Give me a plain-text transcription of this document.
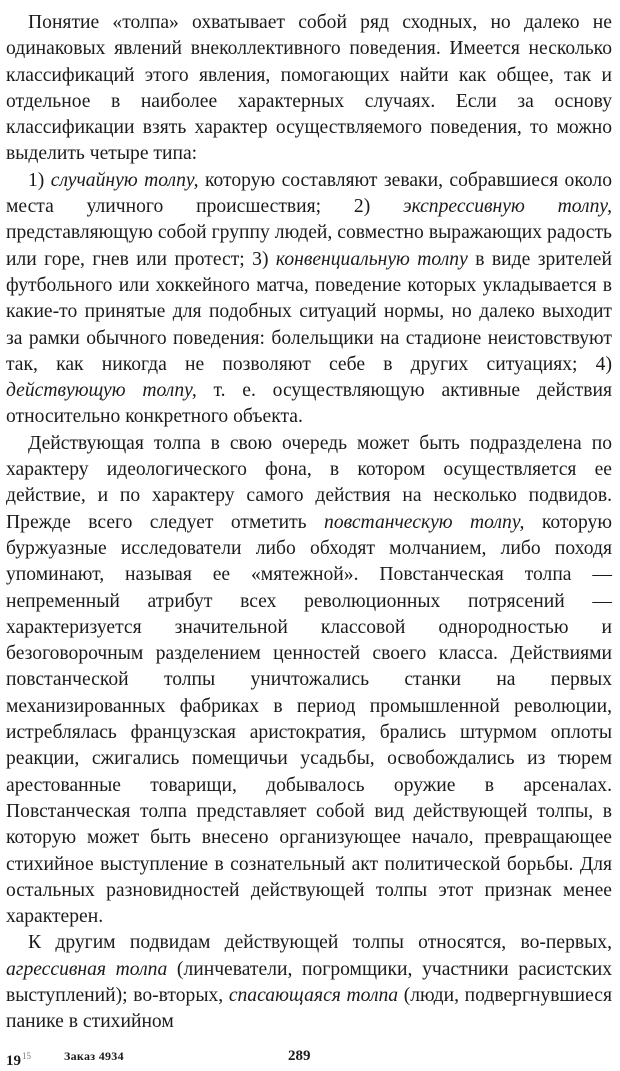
Понятие «толпа» охватывает собой ряд сходных, но далеко не одинаковых явлений внеколлективного поведения. Имеется несколько классификаций этого явления, помогающих найти как общее, так и отдельное в наиболее характерных случаях. Если за основу классификации взять характер осуществляемого поведения, то можно выделить четыре типа:

1) случайную толпу, которую составляют зеваки, собравшиеся около места уличного происшествия; 2) экспрессивную толпу, представляющую собой группу людей, совместно выражающих радость или горе, гнев или протест; 3) конвенциальную толпу в виде зрителей футбольного или хоккейного матча, поведение которых укладывается в какие-то принятые для подобных ситуаций нормы, но далеко выходит за рамки обычного поведения: болельщики на стадионе неистовствуют так, как никогда не позволяют себе в других ситуациях; 4) действующую толпу, т. е. осуществляющую активные действия относительно конкретного объекта.

Действующая толпа в свою очередь может быть подразделена по характеру идеологического фона, в котором осуществляется ее действие, и по характеру самого действия на несколько подвидов. Прежде всего следует отметить повстанческую толпу, которую буржуазные исследователи либо обходят молчанием, либо походя упоминают, называя ее «мятежной». Повстанческая толпа — непременный атрибут всех революционных потрясений — характеризуется значительной классовой однородностью и безоговорочным разделением ценностей своего класса. Действиями повстанческой толпы уничтожались станки на первых механизированных фабриках в период промышленной революции, истреблялась французская аристократия, брались штурмом оплоты реакции, сжигались помещичьи усадьбы, освобождались из тюрем арестованные товарищи, добывалось оружие в арсеналах. Повстанческая толпа представляет собой вид действующей толпы, в которую может быть внесено организующее начало, превращающее стихийное выступление в сознательный акт политической борьбы. Для остальных разновидностей действующей толпы этот признак менее характерен.

К другим подвидам действующей толпы относятся, во-первых, агрессивная толпа (линчеватели, погромщики, участники расистских выступлений); во-вторых, спасающаяся толпа (люди, подвергнувшиеся панике в стихийном

$19^{15}$	Заказ 4934	289
